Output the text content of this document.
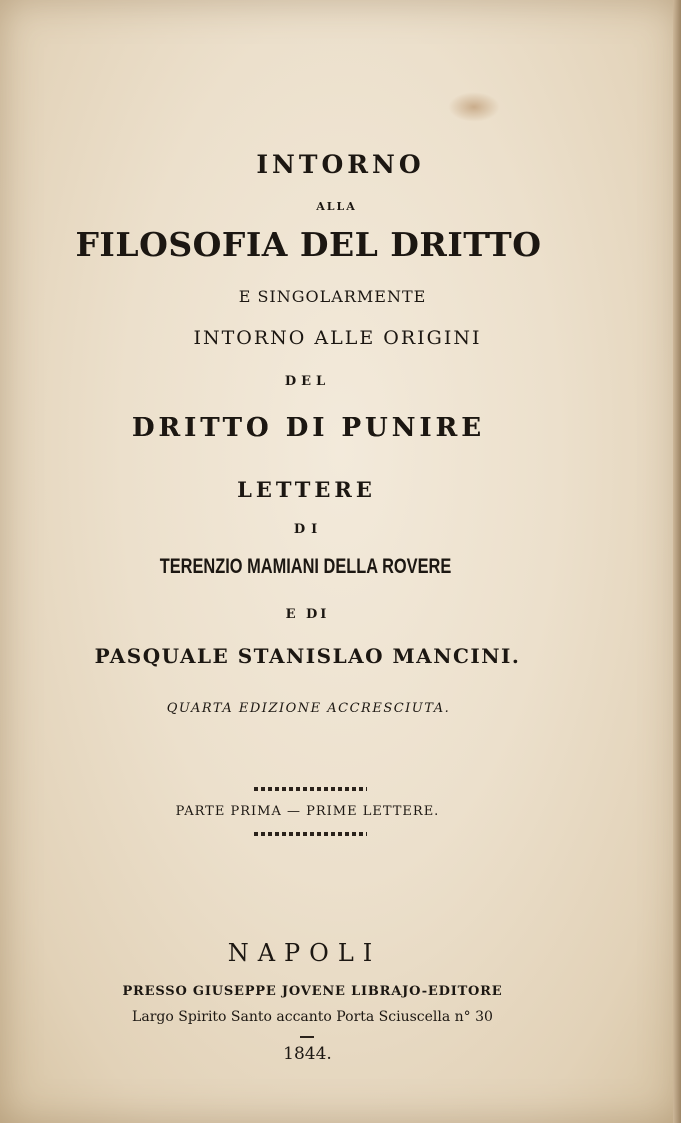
INTORNO
ALLA
FILOSOFIA DEL DRITTO
E SINGOLARMENTE
INTORNO ALLE ORIGINI
DEL
DRITTO DI PUNIRE
LETTERE
DI
TERENZIO MAMIANI DELLA ROVERE
E DI
PASQUALE STANISLAO MANCINI.
QUARTA EDIZIONE ACCRESCIUTA.
PARTE PRIMA — PRIME LETTERE.
NAPOLI
PRESSO GIUSEPPE JOVENE LIBRAJO-EDITORE
Largo Spirito Santo accanto Porta Sciuscella n° 30
1844.
